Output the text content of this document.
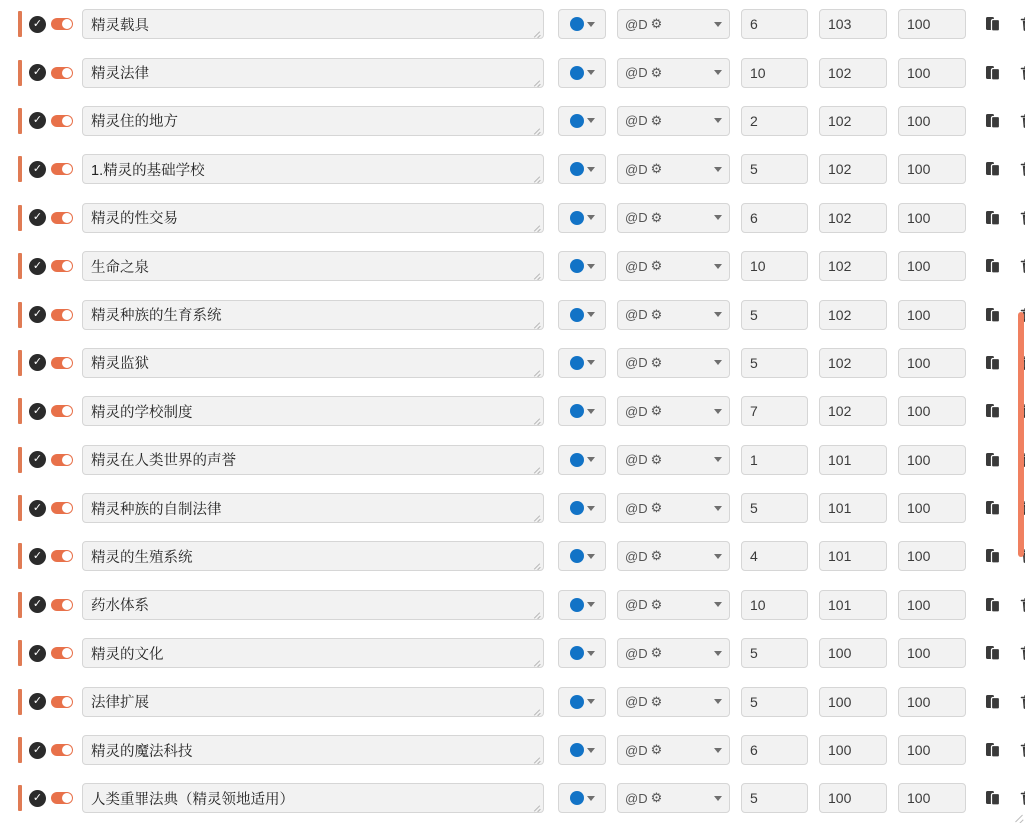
✓	精灵载具	@D ⚙	6	103	100
✓	精灵法律	@D ⚙	10	102	100
✓	精灵住的地方	@D ⚙	2	102	100
✓	1.精灵的基础学校	@D ⚙	5	102	100
✓	精灵的性交易	@D ⚙	6	102	100
✓	生命之泉	@D ⚙	10	102	100
✓	精灵种族的生育系统	@D ⚙	5	102	100
✓	精灵监狱	@D ⚙	5	102	100
✓	精灵的学校制度	@D ⚙	7	102	100
✓	精灵在人类世界的声誉	@D ⚙	1	101	100
✓	精灵种族的自制法律	@D ⚙	5	101	100
✓	精灵的生殖系统	@D ⚙	4	101	100
✓	药水体系	@D ⚙	10	101	100
✓	精灵的文化	@D ⚙	5	100	100
✓	法律扩展	@D ⚙	5	100	100
✓	精灵的魔法科技	@D ⚙	6	100	100
✓	人类重罪法典（精灵领地适用）	@D ⚙	5	100	100
